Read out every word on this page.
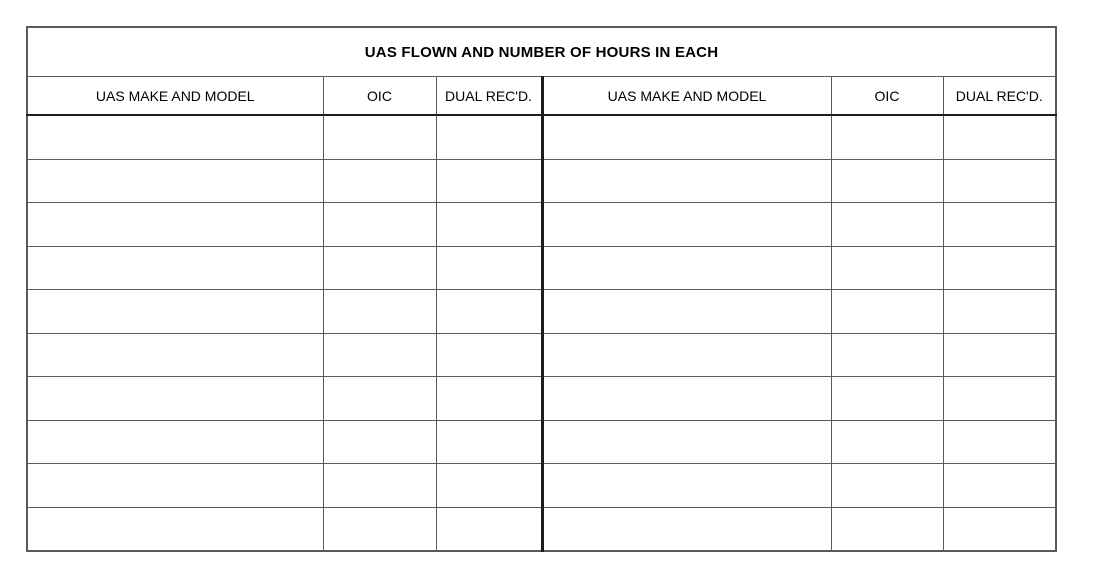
UAS FLOWN AND NUMBER OF HOURS IN EACH					
UAS MAKE AND MODEL	OIC	DUAL REC'D.	UAS MAKE AND MODEL	OIC	DUAL REC'D.
